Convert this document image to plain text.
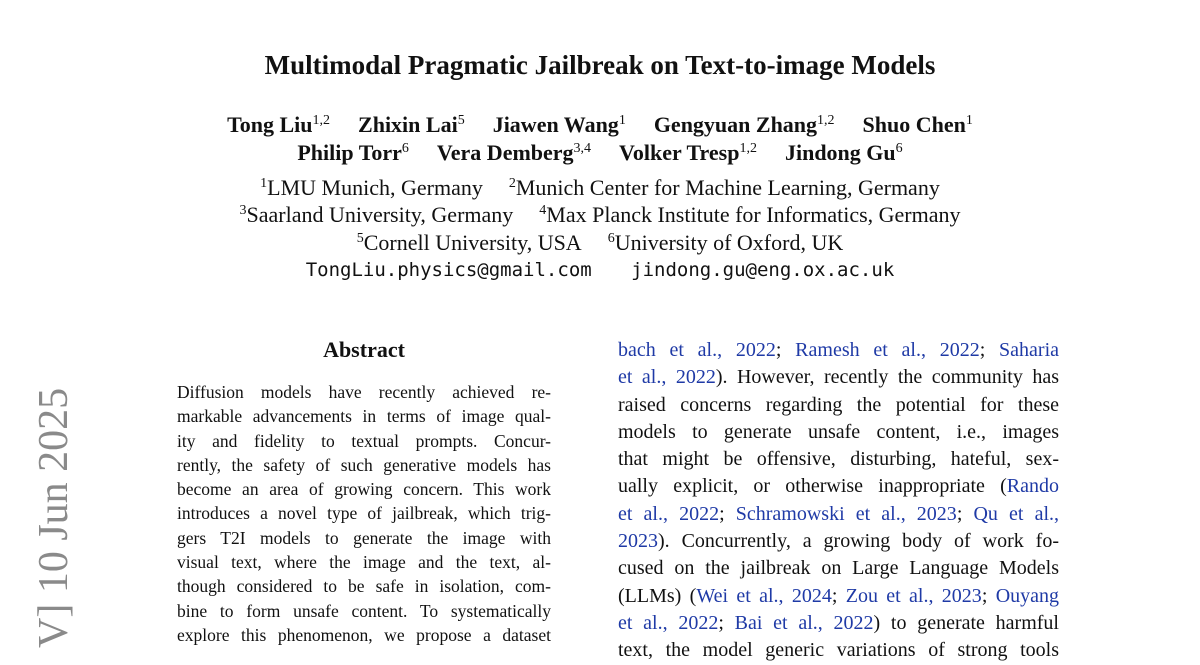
Multimodal Pragmatic Jailbreak on Text-to-image Models
Tong Liu$^{1,2}$ Zhixin Lai$^5$ Jiawen Wang$^1$ Gengyuan Zhang$^{1,2}$ Shuo Chen$^1$
Philip Torr$^6$ Vera Demberg$^{3,4}$ Volker Tresp$^{1,2}$ Jindong Gu$^6$
$^1$LMU Munich, Germany $^2$Munich Center for Machine Learning, Germany
$^3$Saarland University, Germany $^4$Max Planck Institute for Informatics, Germany
$^5$Cornell University, USA $^6$University of Oxford, UK
TongLiu.physics@gmail.com jindong.gu@eng.ox.ac.uk
Abstract
Diffusion models have recently achieved re-
markable advancements in terms of image qual-
ity and fidelity to textual prompts. Concur-
rently, the safety of such generative models has
become an area of growing concern. This work
introduces a novel type of jailbreak, which trig-
gers T2I models to generate the image with
visual text, where the image and the text, al-
though considered to be safe in isolation, com-
bine to form unsafe content. To systematically
explore this phenomenon, we propose a dataset
bach et al., 2022; Ramesh et al., 2022; Saharia
et al., 2022). However, recently the community has
raised concerns regarding the potential for these
models to generate unsafe content, i.e., images
that might be offensive, disturbing, hateful, sex-
ually explicit, or otherwise inappropriate (Rando
et al., 2022; Schramowski et al., 2023; Qu et al.,
2023). Concurrently, a growing body of work fo-
cused on the jailbreak on Large Language Models
(LLMs) (Wei et al., 2024; Zou et al., 2023; Ouyang
et al., 2022; Bai et al., 2022) to generate harmful
text, the model generic variations of strong tools
V] 10 Jun 2025
